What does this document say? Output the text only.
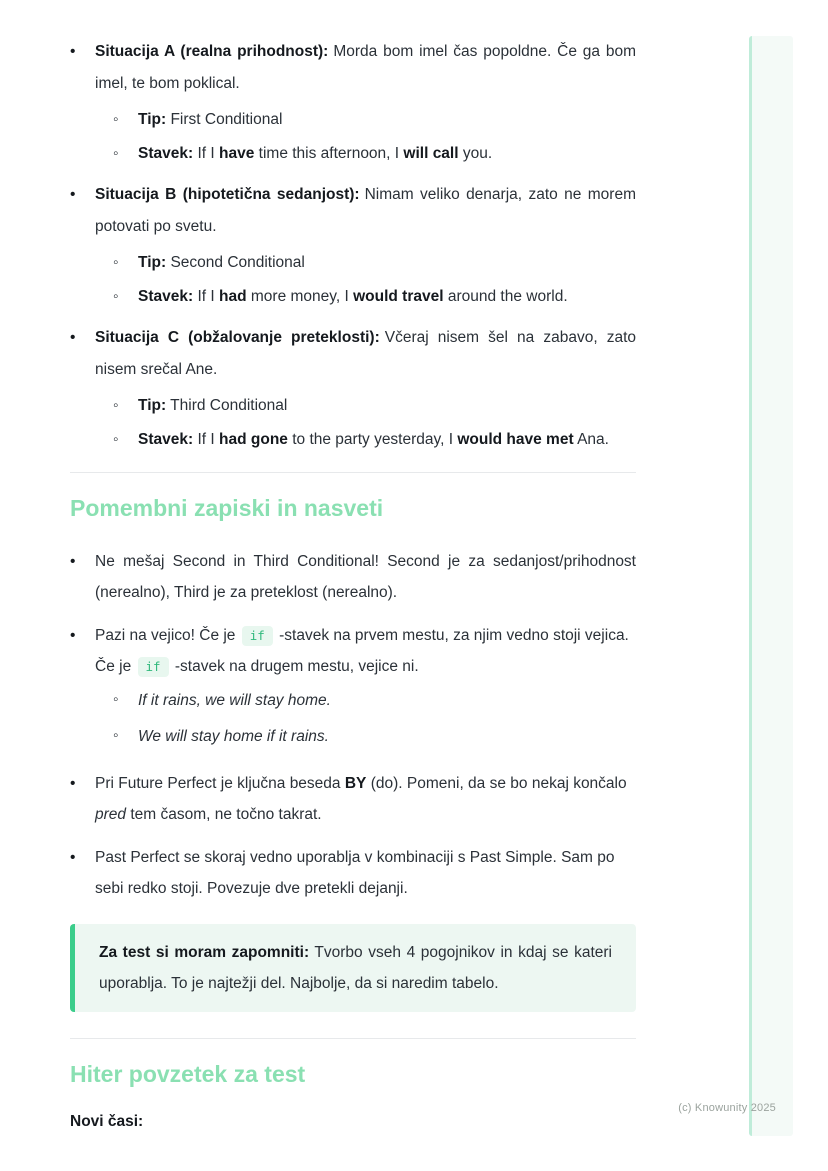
•	Situacija A (realna prihodnost): Morda bom imel čas popoldne. Če ga bom imel, te bom poklical.

◦	Tip: First Conditional
◦	Stavek: If I have time this afternoon, I will call you.
•	Situacija B (hipotetična sedanjost): Nimam veliko denarja, zato ne morem potovati po svetu.

◦	Tip: Second Conditional
◦	Stavek: If I had more money, I would travel around the world.
•	Situacija C (obžalovanje preteklosti): Včeraj nisem šel na zabavo, zato nisem srečal Ane.

◦	Tip: Third Conditional
◦	Stavek: If I had gone to the party yesterday, I would have met Ana.
Pomembni zapiski in nasveti
•	Ne mešaj Second in Third Conditional! Second je za sedanjost/prihodnost (nerealno), Third je za preteklost (nerealno).

•	Pazi na vejico! Če je if -stavek na prvem mestu, za njim vedno stoji vejica. Če je if -stavek na drugem mestu, vejice ni.

◦	If it rains, we will stay home.
◦	We will stay home if it rains.
•	Pri Future Perfect je ključna beseda BY (do). Pomeni, da se bo nekaj končalo pred tem časom, ne točno takrat.

•	Past Perfect se skoraj vedno uporablja v kombinaciji s Past Simple. Sam po sebi redko stoji. Povezuje dve pretekli dejanji.

Za test si moram zapomniti: Tvorbo vseh 4 pogojnikov in kdaj se kateri uporablja. To je najtežji del. Najbolje, da si naredim tabelo.

Hiter povzetek za test

Novi časi:

(c) Knowunity 2025
